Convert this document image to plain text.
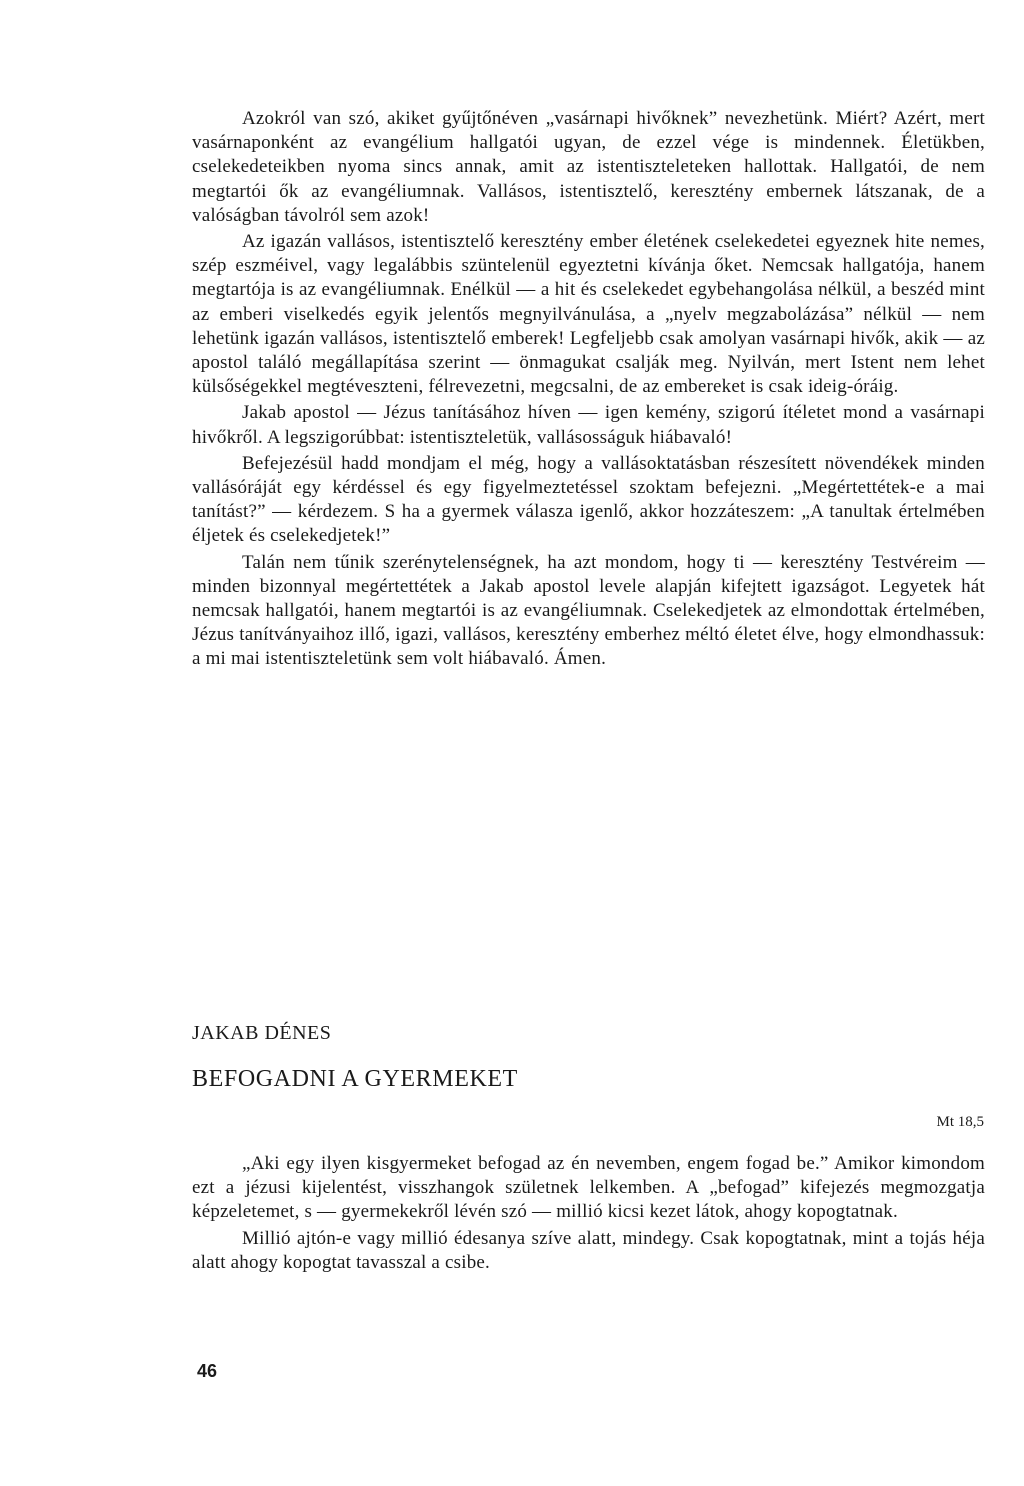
Azokról van szó, akiket gyűjtőnéven „vasárnapi hivőknek” nevezhetünk. Miért? Azért, mert vasárnaponként az evangélium hallgatói ugyan, de ezzel vége is mindennek. Életükben, cselekedeteikben nyoma sincs annak, amit az istentiszteleteken hallottak. Hallgatói, de nem megtartói ők az evangéliumnak. Vallásos, istentisztelő, keresztény embernek látszanak, de a valóságban távolról sem azok!

Az igazán vallásos, istentisztelő keresztény ember életének cselekedetei egyeznek hite nemes, szép eszméivel, vagy legalábbis szüntelenül egyeztetni kívánja őket. Nemcsak hallgatója, hanem megtartója is az evangéliumnak. Enélkül — a hit és cselekedet egybehangolása nélkül, a beszéd mint az emberi viselkedés egyik jelentős megnyilvánulása, a „nyelv megzabolázása” nélkül — nem lehetünk igazán vallásos, istentisztelő emberek! Legfeljebb csak amolyan vasárnapi hivők, akik — az apostol találó megállapítása szerint — önmagukat csalják meg. Nyilván, mert Istent nem lehet külsőségekkel megtéveszteni, félrevezetni, megcsalni, de az embereket is csak ideig-óráig.

Jakab apostol — Jézus tanításához híven — igen kemény, szigorú ítéletet mond a vasárnapi hivőkről. A legszigorúbbat: istentiszteletük, vallásosságuk hiábavaló!

Befejezésül hadd mondjam el még, hogy a vallásoktatásban részesített növendékek minden vallásóráját egy kérdéssel és egy figyelmeztetéssel szoktam befejezni. „Megértettétek-e a mai tanítást?” — kérdezem. S ha a gyermek válasza igenlő, akkor hozzáteszem: „A tanultak értelmében éljetek és cselekedjetek!”

Talán nem tűnik szerénytelenségnek, ha azt mondom, hogy ti — keresztény Testvéreim — minden bizonnyal megértettétek a Jakab apostol levele alapján kifejtett igazságot. Legyetek hát nemcsak hallgatói, hanem megtartói is az evangéliumnak. Cselekedjetek az elmondottak értelmében, Jézus tanítványaihoz illő, igazi, vallásos, keresztény emberhez méltó életet élve, hogy elmondhassuk: a mi mai istentiszteletünk sem volt hiábavaló. Ámen.

JAKAB DÉNES
BEFOGADNI A GYERMEKET
Mt 18,5

„Aki egy ilyen kisgyermeket befogad az én nevemben, engem fogad be.” Amikor kimondom ezt a jézusi kijelentést, visszhangok születnek lelkemben. A „befogad” kifejezés megmozgatja képzeletemet, s — gyermekekről lévén szó — millió kicsi kezet látok, ahogy kopogtatnak.

Millió ajtón-e vagy millió édesanya szíve alatt, mindegy. Csak kopogtatnak, mint a tojás héja alatt ahogy kopogtat tavasszal a csibe.

46
